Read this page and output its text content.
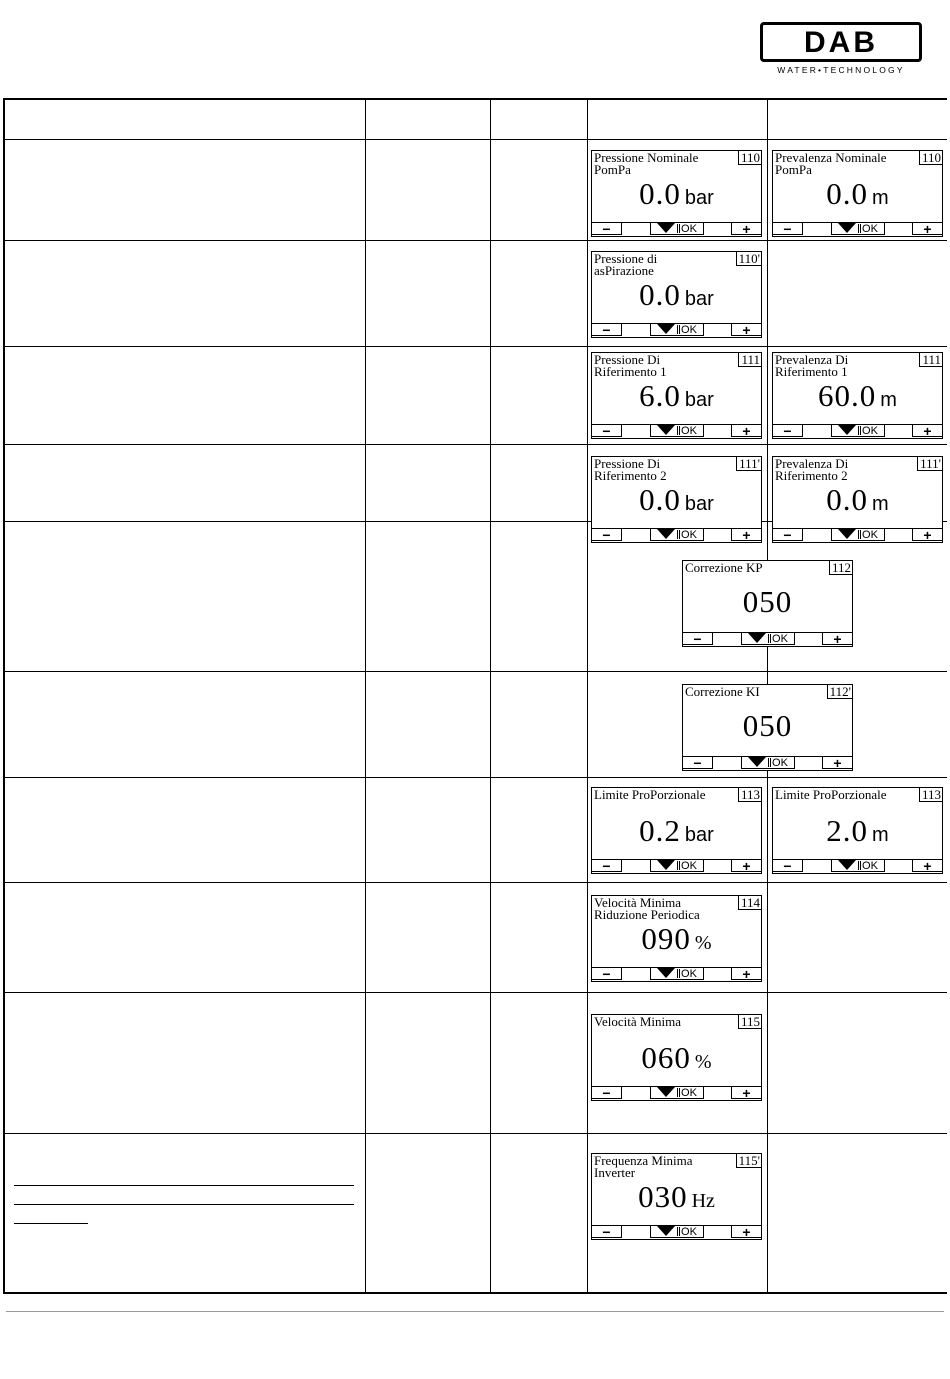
DAB
WATER•TECHNOLOGY
Pressione Nominale
PomPa
110
0.0 bar
−	OK	+
Prevalenza Nominale
PomPa
110
0.0 m
−	OK	+
Pressione di
asPirazione
110'
0.0 bar
−	OK	+
Pressione Di
Riferimento 1
111
6.0 bar
−	OK	+
Prevalenza Di
Riferimento 1
111
60.0 m
−	OK	+
Pressione Di
Riferimento 2
111'
0.0 bar
−	OK	+
Prevalenza Di
Riferimento 2
111'
0.0 m
−	OK	+
Correzione KP	112
050
−	OK	+
Correzione KI	112'
050
−	OK	+
Limite ProPorzionale	113
0.2 bar
−	OK	+
Limite ProPorzionale	113
2.0 m
−	OK	+
Velocità Minima
Riduzione Periodica
114
090 %
−	OK	+
Velocità Minima	115
060 %
−	OK	+
Frequenza Minima
Inverter
115'
030 Hz
−	OK	+
